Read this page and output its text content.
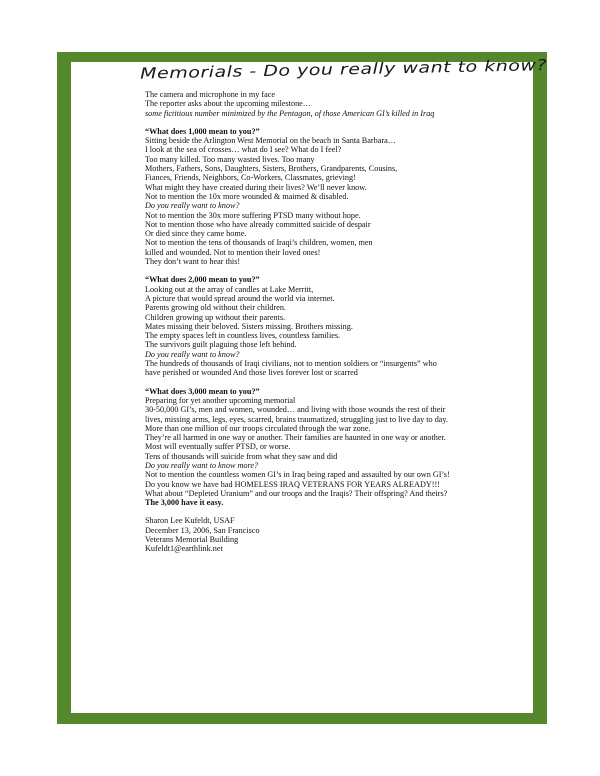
Memorials - Do you really want to know?
The camera and microphone in my face
The reporter asks about the upcoming milestone…
some fictitious number minimized by the Pentagon, of those American GI’s killed in Iraq
“What does 1,000 mean to you?”
Sitting beside the Arlington West Memorial on the beach in Santa Barbara…
I look at the sea of crosses… what do I see? What do I feel?
Too many killed. Too many wasted lives. Too many
Mothers, Fathers, Sons, Daughters, Sisters, Brothers, Grandparents, Cousins,
Fiances, Friends, Neighbors, Co-Workers, Classmates, grieving!
What might they have created during their lives? We’ll never know.
Not to mention the 10x more wounded & maimed & disabled.
Do you really want to know?
Not to mention the 30x more suffering PTSD many without hope.
Not to mention those who have already committed suicide of despair
Or died since they came home.
Not to mention the tens of thousands of Iraqi’s children, women, men
killed and wounded. Not to mention their loved ones!
They don’t want to hear this!
“What does 2,000 mean to you?”
Looking out at the array of candles at Lake Merritt,
A picture that would spread around the world via internet.
Parents growing old without their children.
Children growing up without their parents.
Mates missing their beloved. Sisters missing. Brothers missing.
The empty spaces left in countless lives, countless families.
The survivors guilt plaguing those left behind.
Do you really want to know?
The hundreds of thousands of Iraqi civilians, not to mention soldiers or “insurgents” who
have perished or wounded And those lives forever lost or scarred
“What does 3,000 mean to you?”
Preparing for yet another upcoming memorial
30-50,000 GI’s, men and women, wounded… and living with those wounds the rest of their
lives, missing arms, legs, eyes, scarred, brains traumatized, struggling just to live day to day.
More than one million of our troops circulated through the war zone.
They’re all harmed in one way or another. Their families are haunted in one way or another.
Most will eventually suffer PTSD, or worse.
Tens of thousands will suicide from what they saw and did
Do you really want to know more?
Not to mention the countless women GI’s in Iraq being raped and assaulted by our own GI’s!
Do you know we have had HOMELESS IRAQ VETERANS FOR YEARS ALREADY!!!
What about “Depleted Uranium” and our troops and the Iraqis? Their offspring? And theirs?
The 3,000 have it easy.
Sharon Lee Kufeldt, USAF
December 13, 2006, San Francisco
Veterans Memorial Building
Kufeldt1@earthlink.net
